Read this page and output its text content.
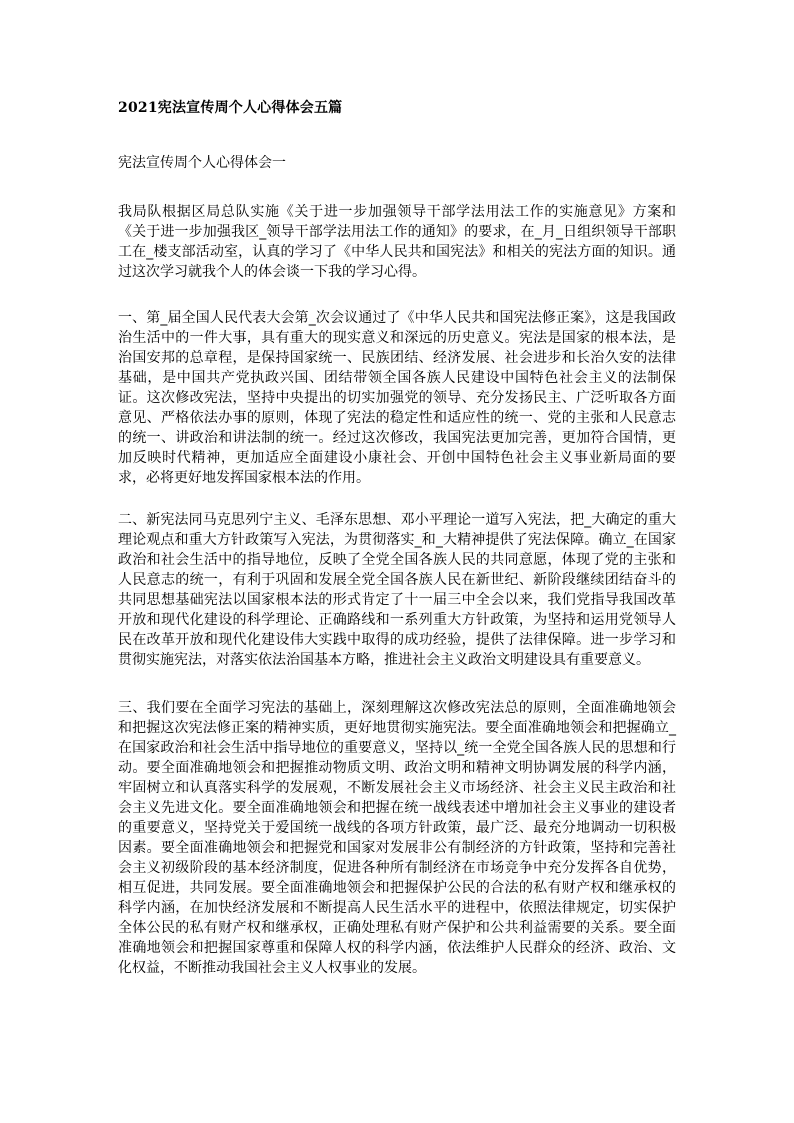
2021宪法宣传周个人心得体会五篇

宪法宣传周个人心得体会一

我局队根据区局总队实施《关于进一步加强领导干部学法用法工作的实施意见》方案和《关于进一步加强我区_领导干部学法用法工作的通知》的要求，在_月_日组织领导干部职工在_楼支部活动室，认真的学习了《中华人民共和国宪法》和相关的宪法方面的知识。通过这次学习就我个人的体会谈一下我的学习心得。

一、第_届全国人民代表大会第_次会议通过了《中华人民共和国宪法修正案》，这是我国政治生活中的一件大事，具有重大的现实意义和深远的历史意义。宪法是国家的根本法，是治国安邦的总章程，是保持国家统一、民族团结、经济发展、社会进步和长治久安的法律基础，是中国共产党执政兴国、团结带领全国各族人民建设中国特色社会主义的法制保证。这次修改宪法，坚持中央提出的切实加强党的领导、充分发扬民主、广泛听取各方面意见、严格依法办事的原则，体现了宪法的稳定性和适应性的统一、党的主张和人民意志的统一、讲政治和讲法制的统一。经过这次修改，我国宪法更加完善，更加符合国情，更加反映时代精神，更加适应全面建设小康社会、开创中国特色社会主义事业新局面的要求，必将更好地发挥国家根本法的作用。

二、新宪法同马克思列宁主义、毛泽东思想、邓小平理论一道写入宪法，把_大确定的重大理论观点和重大方针政策写入宪法，为贯彻落实_和_大精神提供了宪法保障。确立_在国家政治和社会生活中的指导地位，反映了全党全国各族人民的共同意愿，体现了党的主张和人民意志的统一，有利于巩固和发展全党全国各族人民在新世纪、新阶段继续团结奋斗的共同思想基础宪法以国家根本法的形式肯定了十一届三中全会以来，我们党指导我国改革开放和现代化建设的科学理论、正确路线和一系列重大方针政策，为坚持和运用党领导人民在改革开放和现代化建设伟大实践中取得的成功经验，提供了法律保障。进一步学习和贯彻实施宪法，对落实依法治国基本方略，推进社会主义政治文明建设具有重要意义。

三、我们要在全面学习宪法的基础上，深刻理解这次修改宪法总的原则，全面准确地领会和把握这次宪法修正案的精神实质，更好地贯彻实施宪法。要全面准确地领会和把握确立_在国家政治和社会生活中指导地位的重要意义，坚持以_统一全党全国各族人民的思想和行动。要全面准确地领会和把握推动物质文明、政治文明和精神文明协调发展的科学内涵，牢固树立和认真落实科学的发展观，不断发展社会主义市场经济、社会主义民主政治和社会主义先进文化。要全面准确地领会和把握在统一战线表述中增加社会主义事业的建设者的重要意义，坚持党关于爱国统一战线的各项方针政策，最广泛、最充分地调动一切积极因素。要全面准确地领会和把握党和国家对发展非公有制经济的方针政策，坚持和完善社会主义初级阶段的基本经济制度，促进各种所有制经济在市场竞争中充分发挥各自优势，相互促进，共同发展。要全面准确地领会和把握保护公民的合法的私有财产权和继承权的科学内涵，在加快经济发展和不断提高人民生活水平的进程中，依照法律规定，切实保护全体公民的私有财产权和继承权，正确处理私有财产保护和公共利益需要的关系。要全面准确地领会和把握国家尊重和保障人权的科学内涵，依法维护人民群众的经济、政治、文化权益，不断推动我国社会主义人权事业的发展。
